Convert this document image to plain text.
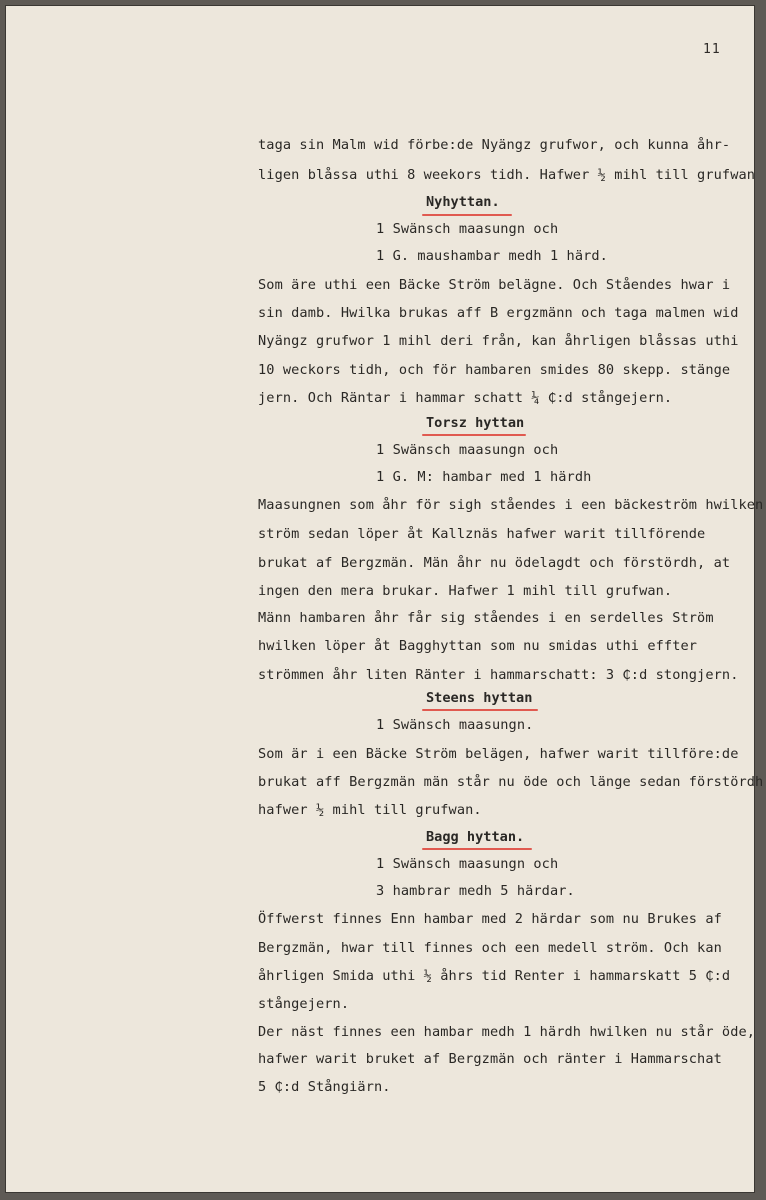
11
taga sin Malm wid förbe:de Nyängz grufwor, och kunna åhr-
ligen blåssa uthi 8 weekors tidh. Hafwer ½ mihl till grufwan
Nyhyttan.
1 Swänsch maasungn och
1 G. maushambar medh 1 härd.
Som äre uthi een Bäcke Ström belägne. Och Ståendes hwar i
sin damb. Hwilka brukas aff B ergzmänn och taga malmen wid
Nyängz grufwor 1 mihl deri från, kan åhrligen blåssas uthi
10 weckors tidh, och för hambaren smides 80 skepp. stänge
jern. Och Räntar i hammar schatt ¼ ₵:d stångejern.
Torsz hyttan
1 Swänsch maasungn och
1 G. M: hambar med 1 härdh
Maasungnen som åhr för sigh ståendes i een bäckeström hwilken
ström sedan löper åt Kallznäs hafwer warit tillförende
brukat af Bergzmän. Män åhr nu ödelagdt och förstördh, at
ingen den mera brukar. Hafwer 1 mihl till grufwan.
Männ hambaren åhr får sig ståendes i en serdelles Ström
hwilken löper åt Bagghyttan som nu smidas uthi effter
strömmen åhr liten Ränter i hammarschatt: 3 ₵:d stongjern.
Steens hyttan
1 Swänsch maasungn.
Som är i een Bäcke Ström belägen, hafwer warit tillföre:de
brukat aff Bergzmän män står nu öde och länge sedan förstördh
hafwer ½ mihl till grufwan.
Bagg hyttan.
1 Swänsch maasungn och
3 hambrar medh 5 härdar.
Öffwerst finnes Enn hambar med 2 härdar som nu Brukes af
Bergzmän, hwar till finnes och een medell ström. Och kan
åhrligen Smida uthi ½ åhrs tid Renter i hammarskatt 5 ₵:d
stångejern.
Der näst finnes een hambar medh 1 härdh hwilken nu står öde,
hafwer warit bruket af Bergzmän och ränter i Hammarschat
5 ₵:d Stångiärn.
